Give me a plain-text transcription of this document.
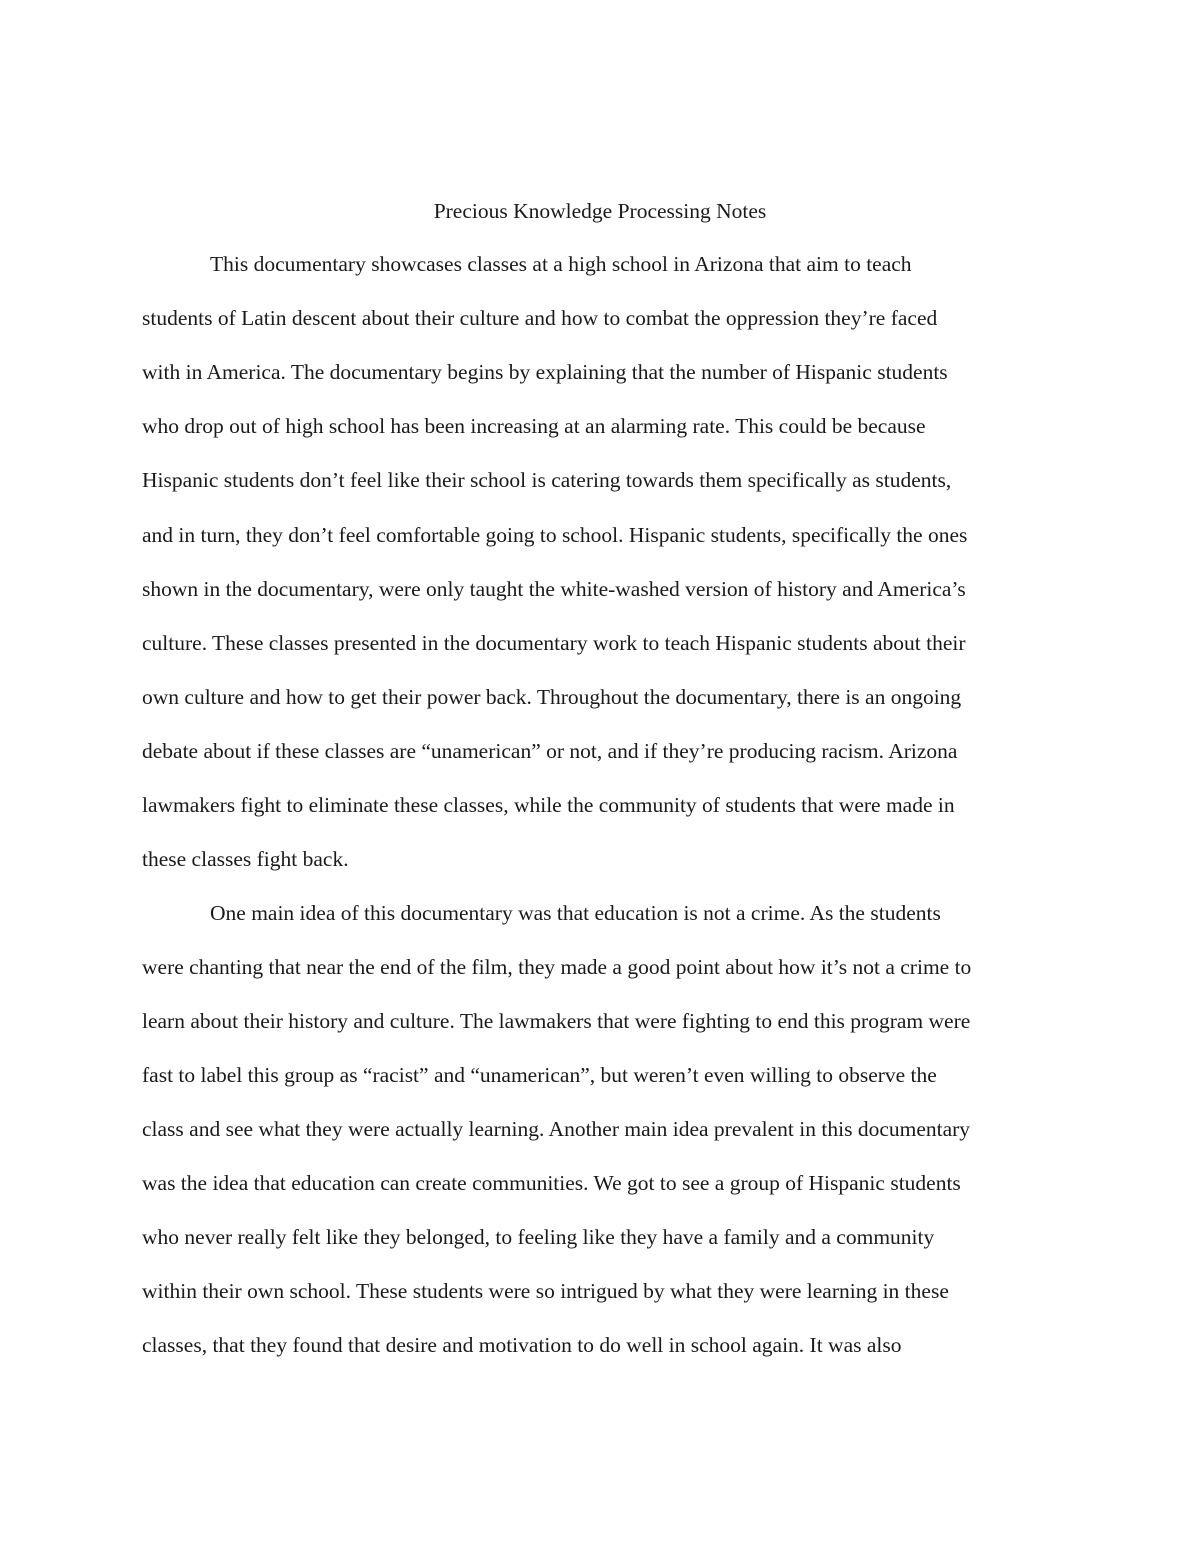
Precious Knowledge Processing Notes

This documentary showcases classes at a high school in Arizona that aim to teach

students of Latin descent about their culture and how to combat the oppression they’re faced

with in America. The documentary begins by explaining that the number of Hispanic students

who drop out of high school has been increasing at an alarming rate. This could be because

Hispanic students don’t feel like their school is catering towards them specifically as students,

and in turn, they don’t feel comfortable going to school. Hispanic students, specifically the ones

shown in the documentary, were only taught the white-washed version of history and America’s

culture. These classes presented in the documentary work to teach Hispanic students about their

own culture and how to get their power back. Throughout the documentary, there is an ongoing

debate about if these classes are “unamerican” or not, and if they’re producing racism. Arizona

lawmakers fight to eliminate these classes, while the community of students that were made in

these classes fight back.

One main idea of this documentary was that education is not a crime. As the students

were chanting that near the end of the film, they made a good point about how it’s not a crime to

learn about their history and culture. The lawmakers that were fighting to end this program were

fast to label this group as “racist” and “unamerican”, but weren’t even willing to observe the

class and see what they were actually learning. Another main idea prevalent in this documentary

was the idea that education can create communities. We got to see a group of Hispanic students

who never really felt like they belonged, to feeling like they have a family and a community

within their own school. These students were so intrigued by what they were learning in these

classes, that they found that desire and motivation to do well in school again. It was also
